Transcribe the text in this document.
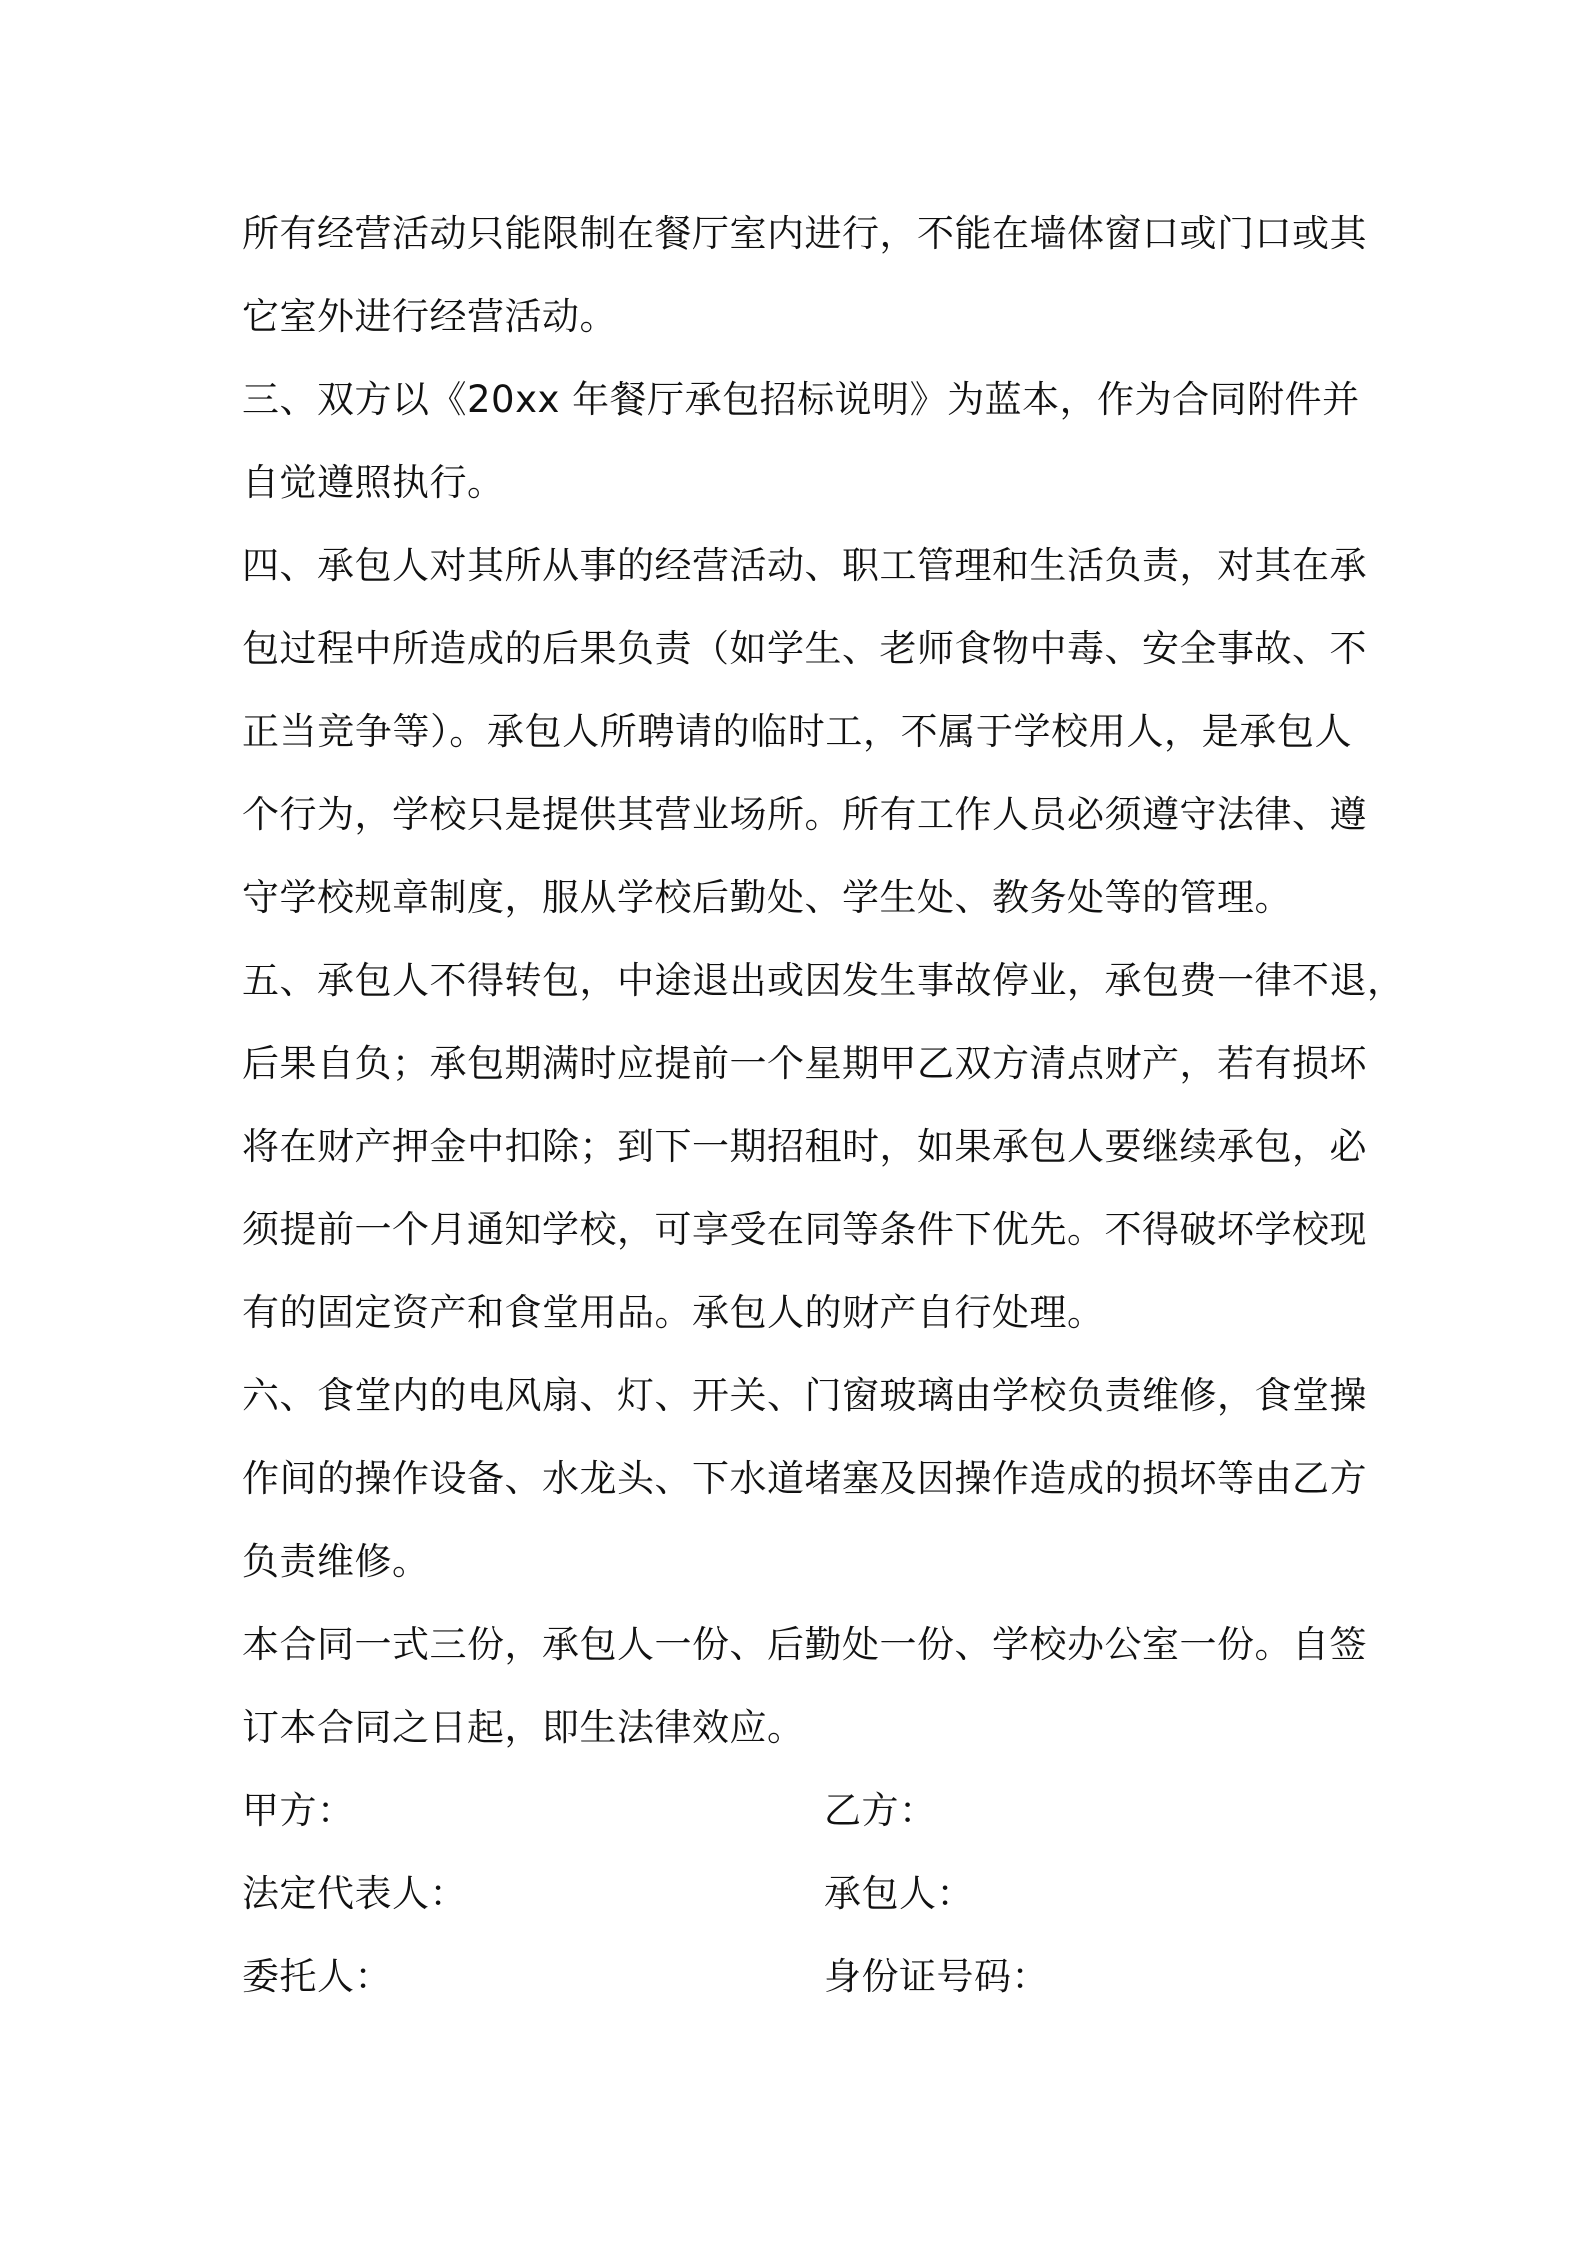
所有经营活动只能限制在餐厅室内进行，不能在墙体窗口或门口或其
它室外进行经营活动。
三、双方以《20xx 年餐厅承包招标说明》为蓝本，作为合同附件并
自觉遵照执行。
四、承包人对其所从事的经营活动、职工管理和生活负责，对其在承
包过程中所造成的后果负责（如学生、老师食物中毒、安全事故、不
正当竞争等）。承包人所聘请的临时工，不属于学校用人，是承包人
个行为，学校只是提供其营业场所。所有工作人员必须遵守法律、遵
守学校规章制度，服从学校后勤处、学生处、教务处等的管理。
五、承包人不得转包，中途退出或因发生事故停业，承包费一律不退，
后果自负；承包期满时应提前一个星期甲乙双方清点财产，若有损坏
将在财产押金中扣除；到下一期招租时，如果承包人要继续承包，必
须提前一个月通知学校，可享受在同等条件下优先。不得破坏学校现
有的固定资产和食堂用品。承包人的财产自行处理。
六、食堂内的电风扇、灯、开关、门窗玻璃由学校负责维修，食堂操
作间的操作设备、水龙头、下水道堵塞及因操作造成的损坏等由乙方
负责维修。
本合同一式三份，承包人一份、后勤处一份、学校办公室一份。自签
订本合同之日起，即生法律效应。
甲方：	乙方：
法定代表人：	承包人：
委托人：	身份证号码：
